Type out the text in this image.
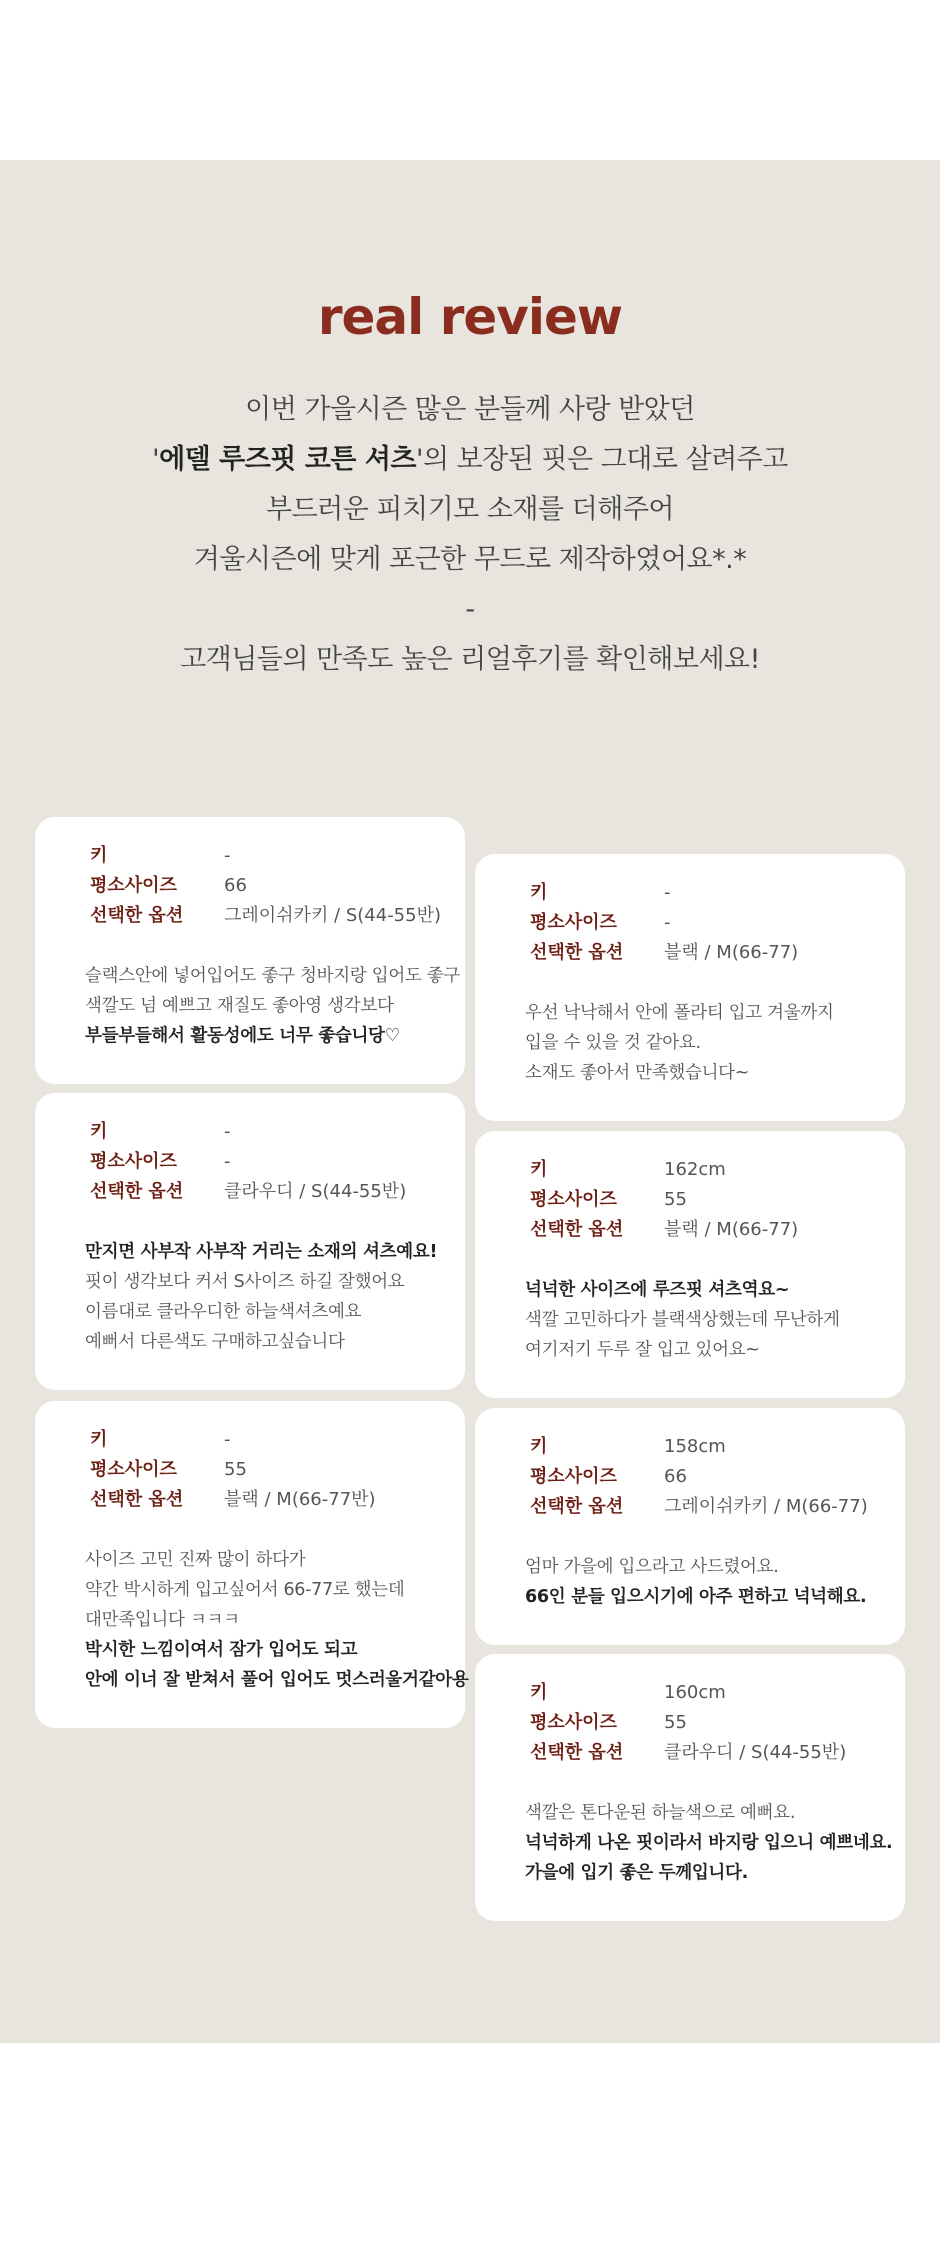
real review
이번 가을시즌 많은 분들께 사랑 받았던
'에델 루즈핏 코튼 셔츠'의 보장된 핏은 그대로 살려주고
부드러운 피치기모 소재를 더해주어
겨울시즌에 맞게 포근한 무드로 제작하였어요*.*
-
고객님들의 만족도 높은 리얼후기를 확인해보세요!
키	-
평소사이즈	66
선택한 옵션 그레이쉬카키 / S(44-55반)
슬랙스안에 넣어입어도 좋구 청바지랑 입어도 좋구
색깔도 넘 예쁘고 재질도 좋아영 생각보다
부들부들해서 활동성에도 너무 좋습니당♡
키	-
평소사이즈	-
선택한 옵션 블랙 / M(66-77)
우선 낙낙해서 안에 폴라티 입고 겨울까지
입을 수 있을 것 같아요.
소재도 좋아서 만족했습니다~
키	-
평소사이즈	-
선택한 옵션 클라우디 / S(44-55반)
만지면 사부작 사부작 거리는 소재의 셔츠예요!
핏이 생각보다 커서 S사이즈 하길 잘했어요
이름대로 클라우디한 하늘색셔츠예요
예뻐서 다른색도 구매하고싶습니다
키	162cm
평소사이즈	55
선택한 옵션 블랙 / M(66-77)
넉넉한 사이즈에 루즈핏 셔츠역요~
색깔 고민하다가 블랙색상했는데 무난하게
여기저기 두루 잘 입고 있어요~
키	-
평소사이즈	55
선택한 옵션 블랙 / M(66-77반)
사이즈 고민 진짜 많이 하다가
약간 박시하게 입고싶어서 66-77로 했는데
대만족입니다 ㅋㅋㅋ
박시한 느낌이여서 잠가 입어도 되고
안에 이너 잘 받쳐서 풀어 입어도 멋스러울거같아용
키	158cm
평소사이즈	66
선택한 옵션 그레이쉬카키 / M(66-77)
엄마 가을에 입으라고 사드렸어요.
66인 분들 입으시기에 아주 편하고 넉넉해요.
키	160cm
평소사이즈	55
선택한 옵션 클라우디 / S(44-55반)
색깔은 톤다운된 하늘색으로 예뻐요.
넉넉하게 나온 핏이라서 바지랑 입으니 예쁘네요.
가을에 입기 좋은 두께입니다.
